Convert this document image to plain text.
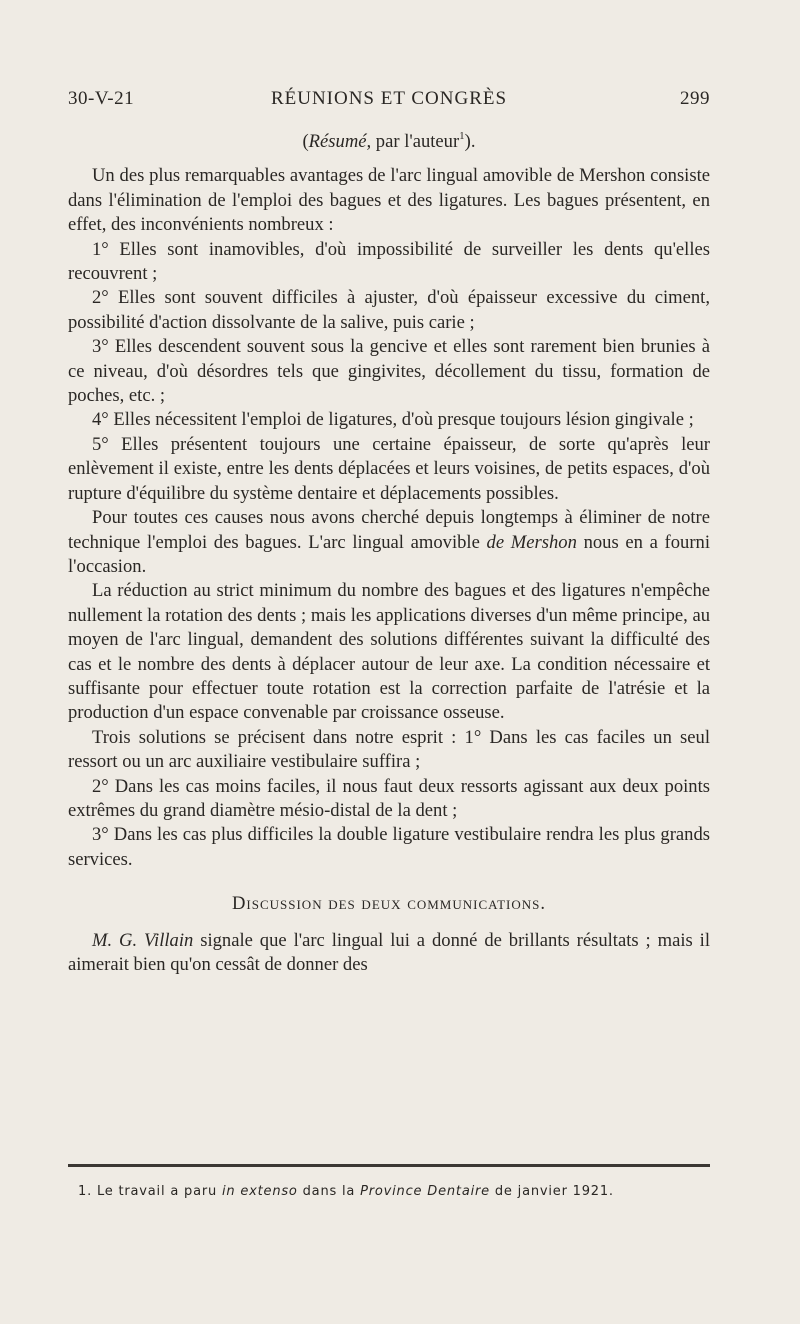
30-V-21	RÉUNIONS ET CONGRÈS	299

(Résumé, par l'auteur$^1$).

Un des plus remarquables avantages de l'arc lingual amovible de Mershon consiste dans l'élimination de l'emploi des bagues et des ligatures. Les bagues présentent, en effet, des inconvénients nombreux :

1° Elles sont inamovibles, d'où impossibilité de surveiller les dents qu'elles recouvrent ;

2° Elles sont souvent difficiles à ajuster, d'où épaisseur excessive du ciment, possibilité d'action dissolvante de la salive, puis carie ;

3° Elles descendent souvent sous la gencive et elles sont rarement bien brunies à ce niveau, d'où désordres tels que gingivites, décollement du tissu, formation de poches, etc. ;

4° Elles nécessitent l'emploi de ligatures, d'où presque toujours lésion gingivale ;

5° Elles présentent toujours une certaine épaisseur, de sorte qu'après leur enlèvement il existe, entre les dents déplacées et leurs voisines, de petits espaces, d'où rupture d'équilibre du système dentaire et déplacements possibles.

Pour toutes ces causes nous avons cherché depuis longtemps à éliminer de notre technique l'emploi des bagues. L'arc lingual amovible de Mershon nous en a fourni l'occasion.

La réduction au strict minimum du nombre des bagues et des ligatures n'empêche nullement la rotation des dents ; mais les applications diverses d'un même principe, au moyen de l'arc lingual, demandent des solutions différentes suivant la difficulté des cas et le nombre des dents à déplacer autour de leur axe. La condition nécessaire et suffisante pour effectuer toute rotation est la correction parfaite de l'atrésie et la production d'un espace convenable par croissance osseuse.

Trois solutions se précisent dans notre esprit : 1° Dans les cas faciles un seul ressort ou un arc auxiliaire vestibulaire suffira ;

2° Dans les cas moins faciles, il nous faut deux ressorts agissant aux deux points extrêmes du grand diamètre mésio-distal de la dent ;

3° Dans les cas plus difficiles la double ligature vestibulaire rendra les plus grands services.

Discussion des deux communications.

M. G. Villain signale que l'arc lingual lui a donné de brillants résultats ; mais il aimerait bien qu'on cessât de donner des

1. Le travail a paru in extenso dans la Province Dentaire de janvier 1921.
